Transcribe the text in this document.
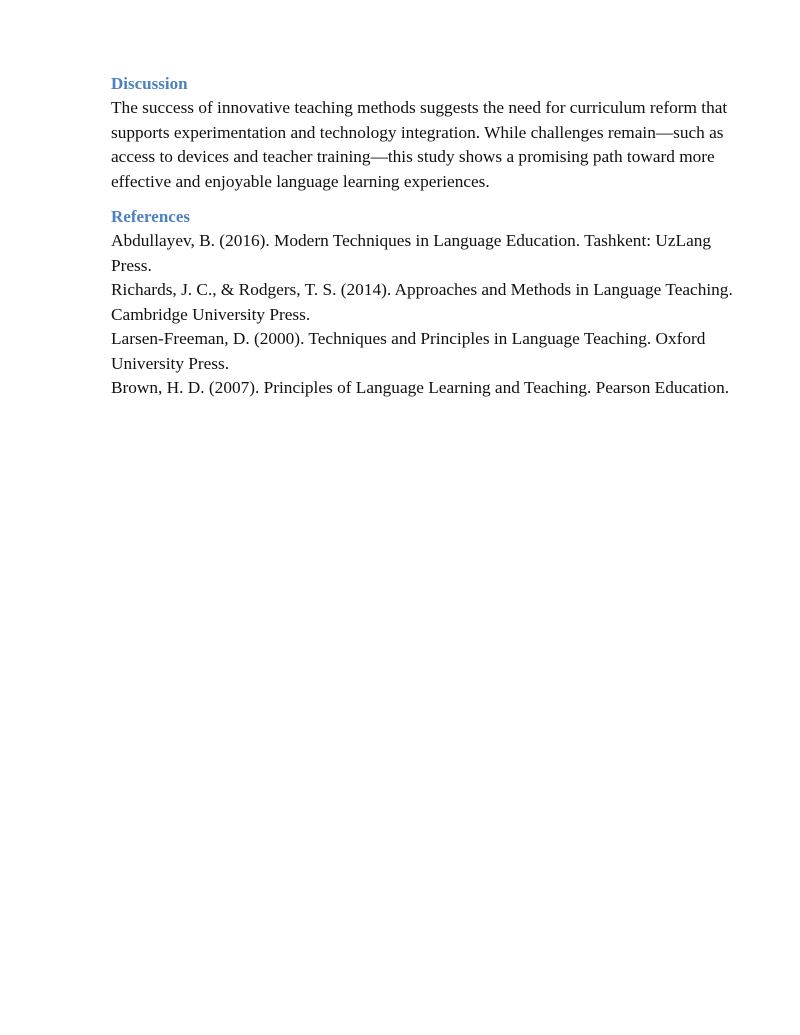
Discussion

The success of innovative teaching methods suggests the need for curriculum reform that supports experimentation and technology integration. While challenges remain—such as access to devices and teacher training—this study shows a promising path toward more effective and enjoyable language learning experiences.

References
Abdullayev, B. (2016). Modern Techniques in Language Education. Tashkent: UzLang Press.
Richards, J. C., & Rodgers, T. S. (2014). Approaches and Methods in Language Teaching. Cambridge University Press.
Larsen-Freeman, D. (2000). Techniques and Principles in Language Teaching. Oxford University Press.
Brown, H. D. (2007). Principles of Language Learning and Teaching. Pearson Education.
